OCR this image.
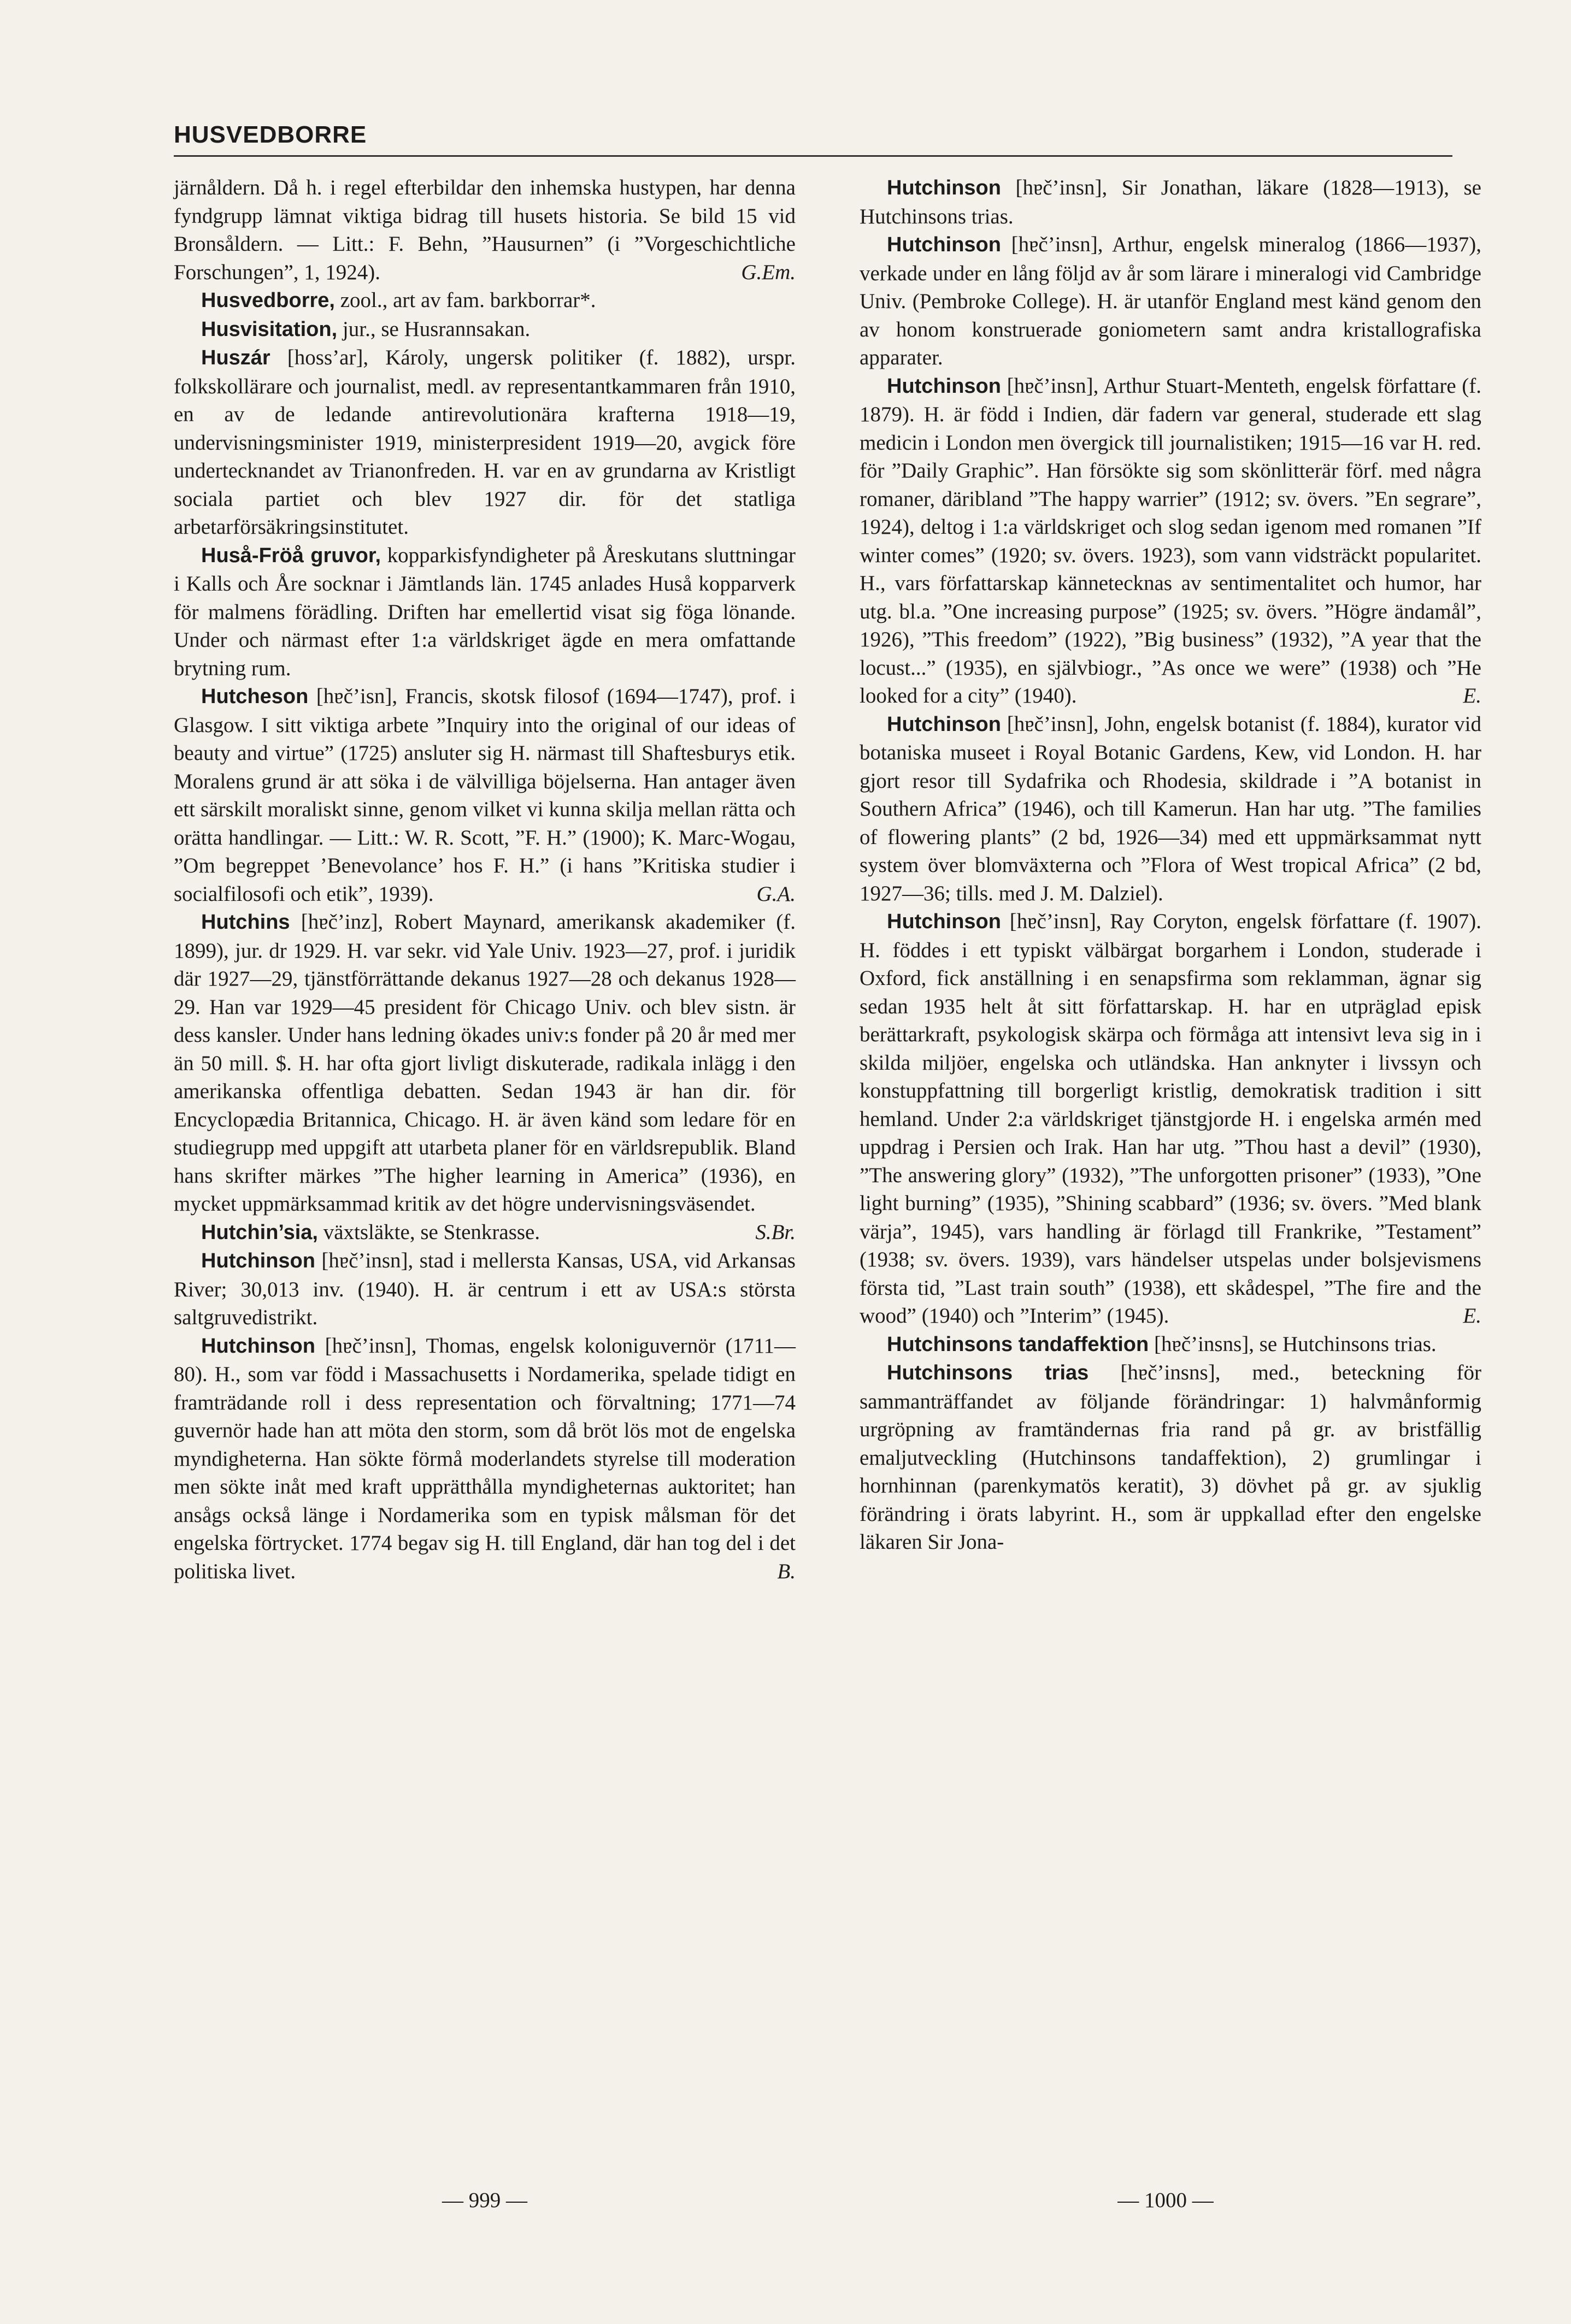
HUSVEDBORRE

järnåldern. Då h. i regel efterbildar den inhemska hustypen, har denna fyndgrupp lämnat viktiga bidrag till husets historia. Se bild 15 vid Bronsåldern. — Litt.: F. Behn, ”Hausurnen” (i ”Vorgeschichtliche Forschungen”, 1, 1924).	G.Em.

Husvedborre, zool., art av fam. barkborrar*.

Husvisitation, jur., se Husrannsakan.

Huszár [hoss’ar], Károly, ungersk politiker (f. 1882), urspr. folkskollärare och journalist, medl. av representantkammaren från 1910, en av de ledande antirevolutionära krafterna 1918—19, undervisningsminister 1919, ministerpresident 1919—20, avgick före undertecknandet av Trianonfreden. H. var en av grundarna av Kristligt sociala partiet och blev 1927 dir. för det statliga arbetarförsäkringsinstitutet.

Huså-Fröå gruvor, kopparkisfyndigheter på Åreskutans sluttningar i Kalls och Åre socknar i Jämtlands län. 1745 anlades Huså kopparverk för malmens förädling. Driften har emellertid visat sig föga lönande. Under och närmast efter 1:a världskriget ägde en mera omfattande brytning rum.

Hutcheson [hɐč’isn], Francis, skotsk filosof (1694—1747), prof. i Glasgow. I sitt viktiga arbete ”Inquiry into the original of our ideas of beauty and virtue” (1725) ansluter sig H. närmast till Shaftesburys etik. Moralens grund är att söka i de välvilliga böjelserna. Han antager även ett särskilt moraliskt sinne, genom vilket vi kunna skilja mellan rätta och orätta handlingar. — Litt.: W. R. Scott, ”F. H.” (1900); K. Marc-Wogau, ”Om begreppet ’Benevolance’ hos F. H.” (i hans ”Kritiska studier i socialfilosofi och etik”, 1939).	G.A.

Hutchins [hɐč’inz], Robert Maynard, amerikansk akademiker (f. 1899), jur. dr 1929. H. var sekr. vid Yale Univ. 1923—27, prof. i juridik där 1927—29, tjänstförrättande dekanus 1927—28 och dekanus 1928—29. Han var 1929—45 president för Chicago Univ. och blev sistn. är dess kansler. Under hans ledning ökades univ:s fonder på 20 år med mer än 50 mill. $. H. har ofta gjort livligt diskuterade, radikala inlägg i den amerikanska offentliga debatten. Sedan 1943 är han dir. för Encyclopædia Britannica, Chicago. H. är även känd som ledare för en studiegrupp med uppgift att utarbeta planer för en världsrepublik. Bland hans skrifter märkes ”The higher learning in America” (1936), en mycket uppmärksammad kritik av det högre undervisningsväsendet.
S.Br.

Hutchin’sia, växtsläkte, se Stenkrasse.

Hutchinson [hɐč’insn], stad i mellersta Kansas, USA, vid Arkansas River; 30,013 inv. (1940). H. är centrum i ett av USA:s största saltgruvedistrikt.

Hutchinson [hɐč’insn], Thomas, engelsk koloniguvernör (1711—80). H., som var född i Massachusetts i Nordamerika, spelade tidigt en framträdande roll i dess representation och förvaltning; 1771—74 guvernör hade han att möta den storm, som då bröt lös mot de engelska myndigheterna. Han sökte förmå moderlandets styrelse till moderation men sökte inåt med kraft upprätthålla myndigheternas auktoritet; han ansågs också länge i Nordamerika som en typisk målsman för det engelska förtrycket. 1774 begav sig H. till England, där han tog del i det politiska livet.	B.

Hutchinson [hɐč’insn], Sir Jonathan, läkare (1828—1913), se Hutchinsons trias.

Hutchinson [hɐč’insn], Arthur, engelsk mineralog (1866—1937), verkade under en lång följd av år som lärare i mineralogi vid Cambridge Univ. (Pembroke College). H. är utanför England mest känd genom den av honom konstruerade goniometern samt andra kristallografiska apparater.

Hutchinson [hɐč’insn], Arthur Stuart-Menteth, engelsk författare (f. 1879). H. är född i Indien, där fadern var general, studerade ett slag medicin i London men övergick till journalistiken; 1915—16 var H. red. för ”Daily Graphic”. Han försökte sig som skönlitterär förf. med några romaner, däribland ”The happy warrier” (1912; sv. övers. ”En segrare”, 1924), deltog i 1:a världskriget och slog sedan igenom med romanen ”If winter comes” (1920; sv. övers. 1923), som vann vidsträckt popularitet. H., vars författarskap kännetecknas av sentimentalitet och humor, har utg. bl.a. ”One increasing purpose” (1925; sv. övers. ”Högre ändamål”, 1926), ”This freedom” (1922), ”Big business” (1932), ”A year that the locust...” (1935), en självbiogr., ”As once we were” (1938) och ”He looked for a city” (1940).	E.

Hutchinson [hɐč’insn], John, engelsk botanist (f. 1884), kurator vid botaniska museet i Royal Botanic Gardens, Kew, vid London. H. har gjort resor till Sydafrika och Rhodesia, skildrade i ”A botanist in Southern Africa” (1946), och till Kamerun. Han har utg. ”The families of flowering plants” (2 bd, 1926—34) med ett uppmärksammat nytt system över blomväxterna och ”Flora of West tropical Africa” (2 bd, 1927—36; tills. med J. M. Dalziel).

Hutchinson [hɐč’insn], Ray Coryton, engelsk författare (f. 1907). H. föddes i ett typiskt välbärgat borgarhem i London, studerade i Oxford, fick anställning i en senapsfirma som reklamman, ägnar sig sedan 1935 helt åt sitt författarskap. H. har en utpräglad episk berättarkraft, psykologisk skärpa och förmåga att intensivt leva sig in i skilda miljöer, engelska och utländska. Han anknyter i livssyn och konstuppfattning till borgerligt kristlig, demokratisk tradition i sitt hemland. Under 2:a världskriget tjänstgjorde H. i engelska armén med uppdrag i Persien och Irak. Han har utg. ”Thou hast a devil” (1930), ”The answering glory” (1932), ”The unforgotten prisoner” (1933), ”One light burning” (1935), ”Shining scabbard” (1936; sv. övers. ”Med blank värja”, 1945), vars handling är förlagd till Frankrike, ”Testament” (1938; sv. övers. 1939), vars händelser utspelas under bolsjevismens första tid, ”Last train south” (1938), ett skådespel, ”The fire and the wood” (1940) och ”Interim” (1945).	E.

Hutchinsons tandaffektion [hɐč’insns], se Hutchinsons trias.

Hutchinsons trias [hɐč’insns], med., beteckning för sammanträffandet av följande förändringar: 1) halvmånformig urgröpning av framtändernas fria rand på gr. av bristfällig emaljutveckling (Hutchinsons tandaffektion), 2) grumlingar i hornhinnan (parenkymatös keratit), 3) dövhet på gr. av sjuklig förändring i örats labyrint. H., som är uppkallad efter den engelske läkaren Sir Jona-

— 999 —	— 1000 —
